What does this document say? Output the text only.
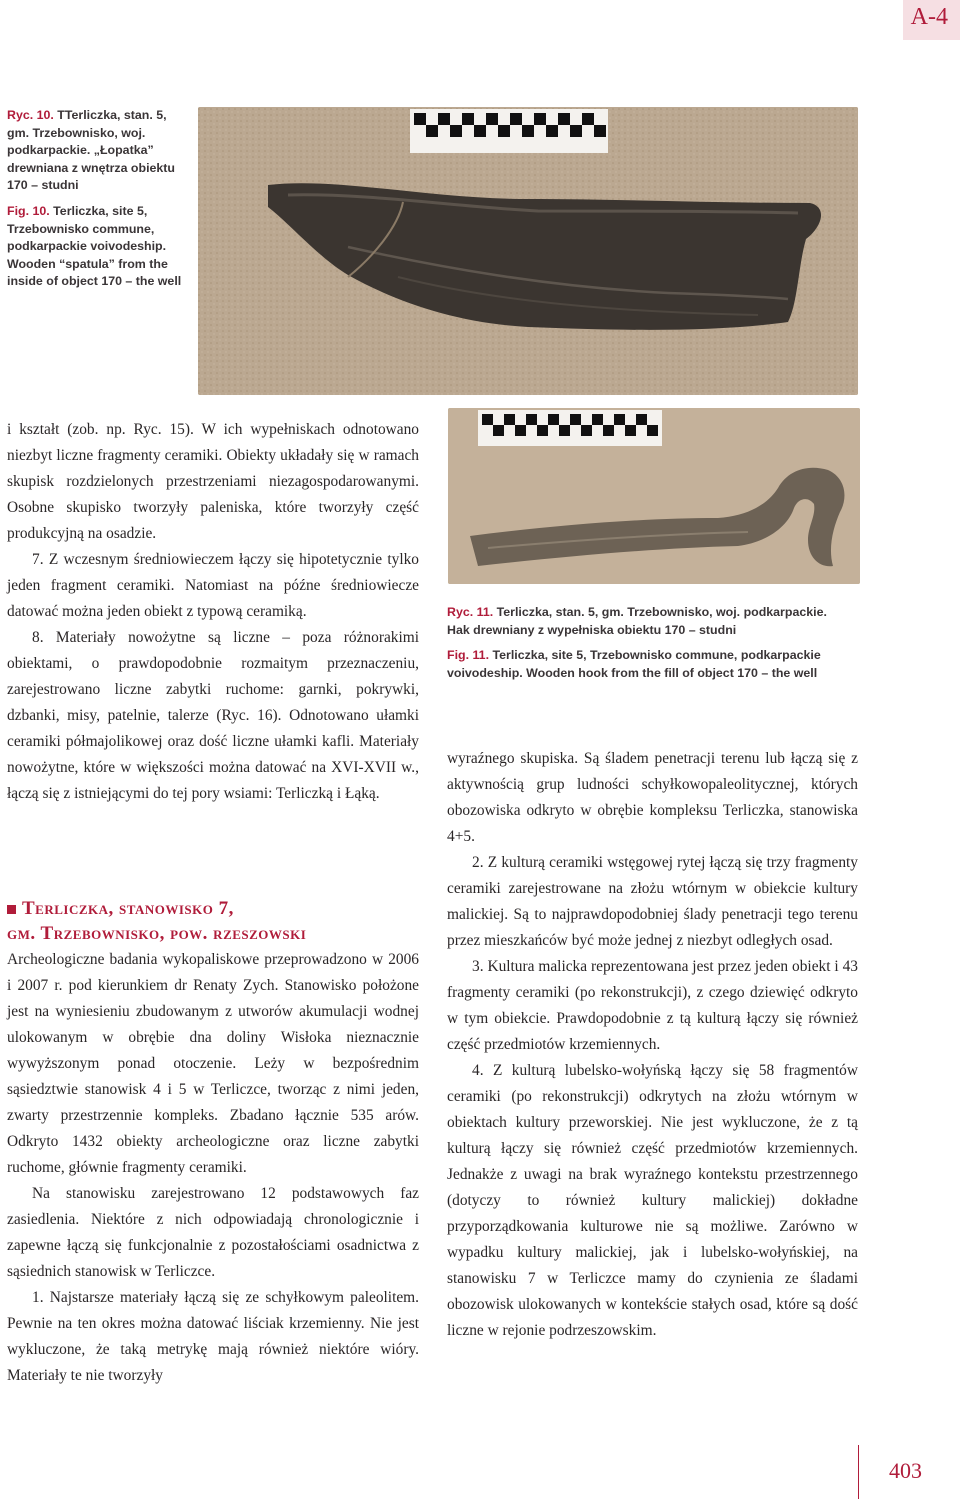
A-4

Ryc. 10. TTerliczka, stan. 5, gm. Trzebownisko, woj. podkarpackie. „Łopatka” drewniana z wnętrza obiektu 170 – studni

Fig. 10. Terliczka, site 5, Trzebownisko commune, podkarpackie voivodeship. Wooden “spatula” from the inside of object 170 – the well

Ryc. 11. Terliczka, stan. 5, gm. Trzebownisko, woj. podkarpackie. Hak drewniany z wypełniska obiektu 170 – studni

Fig. 11. Terliczka, site 5, Trzebownisko commune, podkarpackie voivodeship. Wooden hook from the fill of object 170 – the well

i kształt (zob. np. Ryc. 15). W ich wypełniskach odnotowano niezbyt liczne fragmenty ceramiki. Obiekty układały się w ramach skupisk rozdzielonych przestrzeniami niezagospodarowanymi. Osobne skupisko tworzyły paleniska, które tworzyły część produkcyjną na osadzie.

7. Z wczesnym średniowieczem łączy się hipotetycznie tylko jeden fragment ceramiki. Natomiast na późne średniowiecze datować można jeden obiekt z typową ceramiką.

8. Materiały nowożytne są liczne – poza różnorakimi obiektami, o prawdopodobnie rozmaitym przeznaczeniu, zarejestrowano liczne zabytki ruchome: garnki, pokrywki, dzbanki, misy, patelnie, talerze (Ryc. 16). Odnotowano ułamki ceramiki półmajolikowej oraz dość liczne ułamki kafli. Materiały nowożytne, które w większości można datować na XVI-XVII w., łączą się z istniejącymi do tej pory wsiami: Terliczką i Łąką.

Terliczka, stanowisko 7,
gm. Trzebownisko, pow. rzeszowski

Archeologiczne badania wykopaliskowe przeprowadzono w 2006 i 2007 r. pod kierunkiem dr Renaty Zych. Stanowisko położone jest na wyniesieniu zbudowanym z utworów akumulacji wodnej ulokowanym w obrębie dna doliny Wisłoka nieznacznie wywyższonym ponad otoczenie. Leży w bezpośrednim sąsiedztwie stanowisk 4 i 5 w Terliczce, tworząc z nimi jeden, zwarty przestrzennie kompleks. Zbadano łącznie 535 arów. Odkryto 1432 obiekty archeologiczne oraz liczne zabytki ruchome, głównie fragmenty ceramiki.

Na stanowisku zarejestrowano 12 podstawowych faz zasiedlenia. Niektóre z nich odpowiadają chronologicznie i zapewne łączą się funkcjonalnie z pozostałościami osadnictwa z sąsiednich stanowisk w Terliczce.

1. Najstarsze materiały łączą się ze schyłkowym paleolitem. Pewnie na ten okres można datować liściak krzemienny. Nie jest wykluczone, że taką metrykę mają również niektóre wióry. Materiały te nie tworzyły

wyraźnego skupiska. Są śladem penetracji terenu lub łączą się z aktywnością grup ludności schyłkowopaleolitycznej, których obozowiska odkryto w obrębie kompleksu Terliczka, stanowiska 4+5.

2. Z kulturą ceramiki wstęgowej rytej łączą się trzy fragmenty ceramiki zarejestrowane na złożu wtórnym w obiekcie kultury malickiej. Są to najprawdopodobniej ślady penetracji tego terenu przez mieszkańców być może jednej z niezbyt odległych osad.

3. Kultura malicka reprezentowana jest przez jeden obiekt i 43 fragmenty ceramiki (po rekonstrukcji), z czego dziewięć odkryto w tym obiekcie. Prawdopodobnie z tą kulturą łączy się również część przedmiotów krzemiennych.

4. Z kulturą lubelsko-wołyńską łączy się 58 fragmentów ceramiki (po rekonstrukcji) odkrytych na złożu wtórnym w obiektach kultury przeworskiej. Nie jest wykluczone, że z tą kulturą łączy się również część przedmiotów krzemiennych. Jednakże z uwagi na brak wyraźnego kontekstu przestrzennego (dotyczy to również kultury malickiej) dokładne przyporządkowania kulturowe nie są możliwe. Zarówno w wypadku kultury malickiej, jak i lubelsko-wołyńskiej, na stanowisku 7 w Terliczce mamy do czynienia ze śladami obozowisk ulokowanych w kontekście stałych osad, które są dość liczne w rejonie podrzeszowskim.

403
